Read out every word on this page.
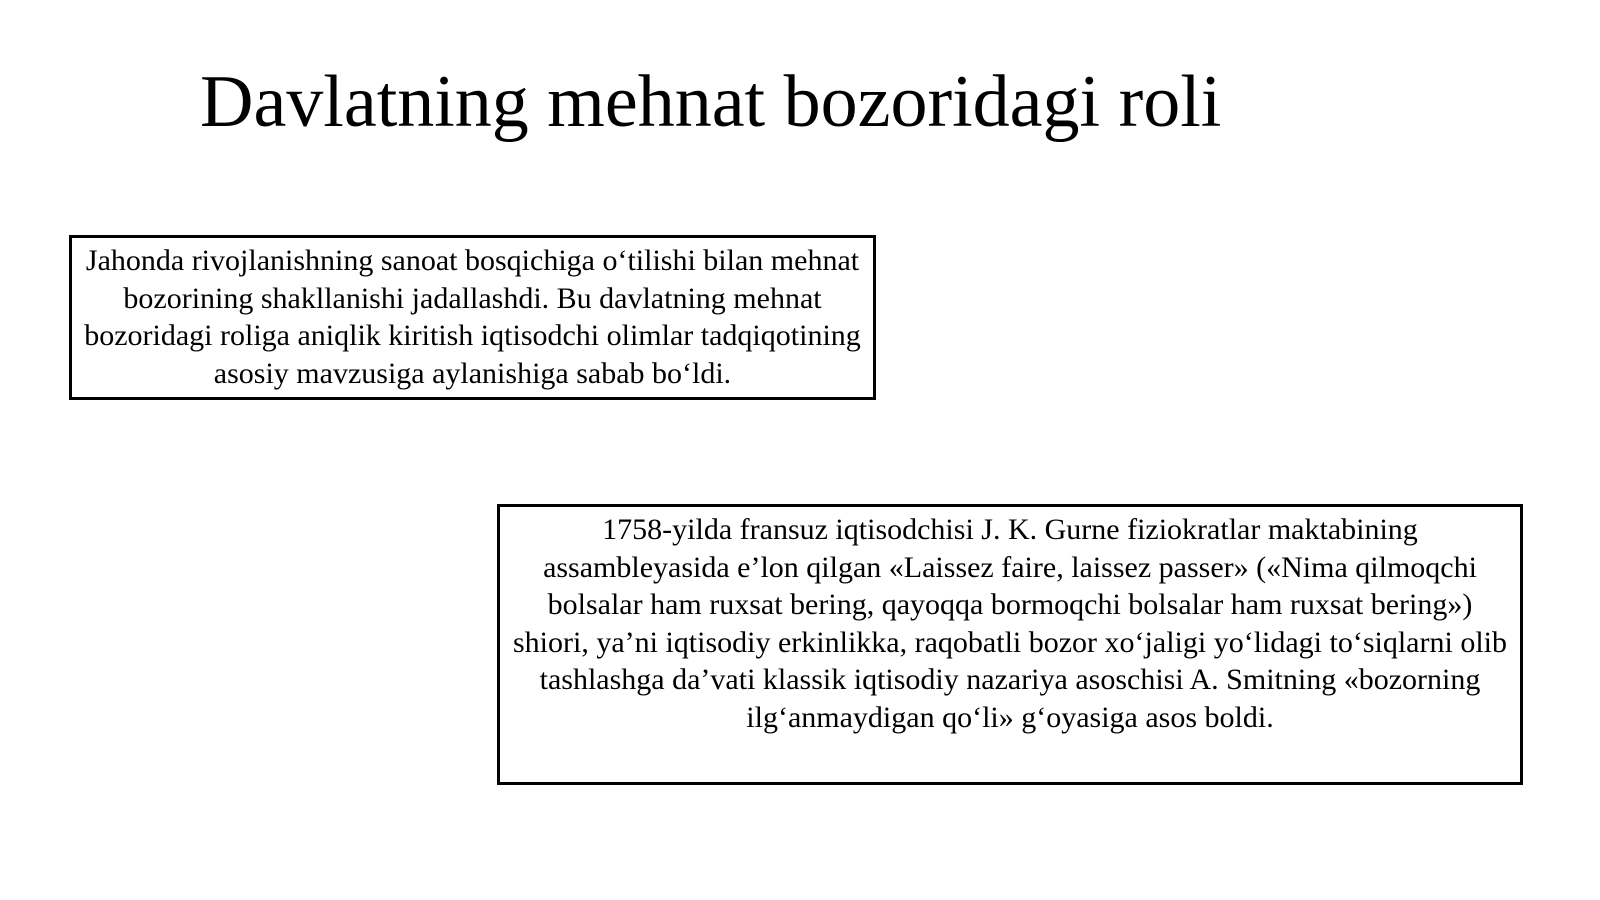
Davlatning mehnat bozoridagi roli
Jahonda rivojlanishning sanoat bosqichiga o‘tilishi bilan mehnat bozorining shakllanishi jadallashdi. Bu davlatning mehnat bozoridagi roliga aniqlik kiritish iqtisodchi olimlar tadqiqotining asosiy mavzusiga aylanishiga sabab bo‘ldi.
1758-yilda fransuz iqtisodchisi J. K. Gurne fiziokratlar maktabining assambleyasida e’lon qilgan «Laissez faire, laissez passer» («Nima qilmoqchi bolsalar ham ruxsat bering, qayoqqa bormoqchi bolsalar ham ruxsat bering») shiori, ya’ni iqtisodiy erkinlikka, raqobatli bozor xo‘jaligi yo‘lidagi to‘siqlarni olib tashlashga da’vati klassik iqtisodiy nazariya asoschisi A. Smitning «bozorning ilg‘anmaydigan qo‘li» g‘oyasiga asos boldi.
